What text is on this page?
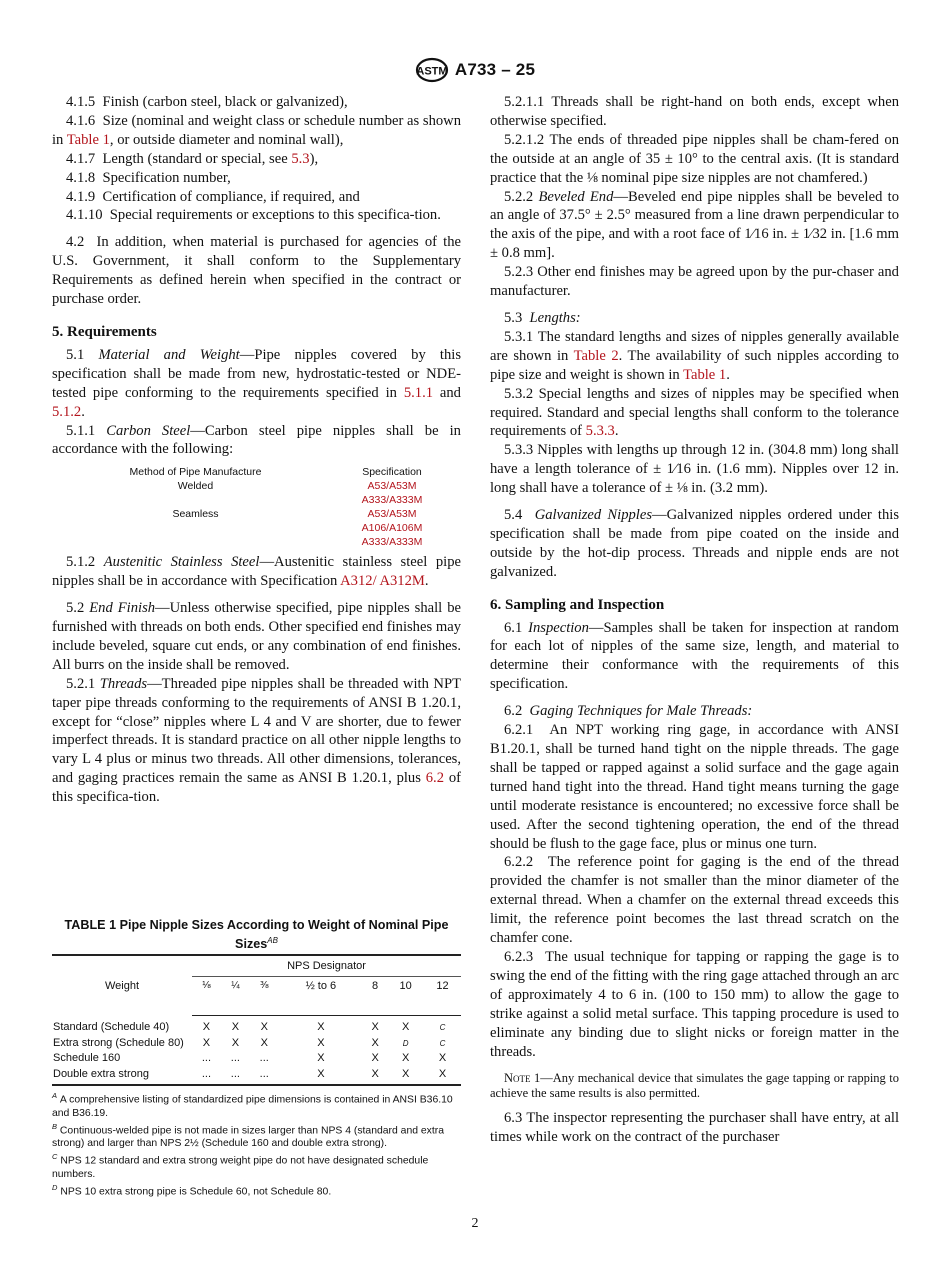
ASTM A733 – 25

4.1.5 Finish (carbon steel, black or galvanized),

4.1.6 Size (nominal and weight class or schedule number as shown in Table 1, or outside diameter and nominal wall),

4.1.7 Length (standard or special, see 5.3),

4.1.8 Specification number,

4.1.9 Certification of compliance, if required, and

4.1.10 Special requirements or exceptions to this specifica-tion.

4.2 In addition, when material is purchased for agencies of the U.S. Government, it shall conform to the Supplementary Requirements as defined herein when specified in the contract or purchase order.

5. Requirements

5.1 Material and Weight—Pipe nipples covered by this specification shall be made from new, hydrostatic-tested or NDE-tested pipe conforming to the requirements specified in 5.1.1 and 5.1.2.

5.1.1 Carbon Steel—Carbon steel pipe nipples shall be in accordance with the following:

Method of Pipe Manufacture	Specification
Welded	A53/A53M
A333/A333M
Seamless	A53/A53M
A106/A106M
A333/A333M

5.1.2 Austenitic Stainless Steel—Austenitic stainless steel pipe nipples shall be in accordance with Specification A312/ A312M.

5.2 End Finish—Unless otherwise specified, pipe nipples shall be furnished with threads on both ends. Other specified end finishes may include beveled, square cut ends, or any combination of end finishes. All burrs on the inside shall be removed.

5.2.1 Threads—Threaded pipe nipples shall be threaded with NPT taper pipe threads conforming to the requirements of ANSI B 1.20.1, except for “close” nipples where L 4 and V are shorter, due to fewer imperfect threads. It is standard practice on all other nipple lengths to vary L 4 plus or minus two threads. All other dimensions, tolerances, and gaging practices remain the same as ANSI B 1.20.1, plus 6.2 of this specifica-tion.

TABLE 1 Pipe Nipple Sizes According to Weight of Nominal Pipe Sizes$^{AB}$
Weight	NPS Designator						
	⅛	¼	⅜	½ to 6	8	10	12
Standard (Schedule 40)	X	X	X	X	X	X	C
Extra strong (Schedule 80)	X	X	X	X	X	D	C
Schedule 160	...	...	...	X	X	X	X
Double extra strong	...	...	...	X	X	X	X
$^A$ A comprehensive listing of standardized pipe dimensions is contained in ANSI B36.10 and B36.19.
$^B$ Continuous-welded pipe is not made in sizes larger than NPS 4 (standard and extra strong) and larger than NPS 2½ (Schedule 160 and double extra strong).
$^C$ NPS 12 standard and extra strong weight pipe do not have designated schedule numbers.
$^D$ NPS 10 extra strong pipe is Schedule 60, not Schedule 80.

5.2.1.1 Threads shall be right-hand on both ends, except when otherwise specified.

5.2.1.2 The ends of threaded pipe nipples shall be cham-fered on the outside at an angle of 35 ± 10° to the central axis. (It is standard practice that the ⅛ nominal pipe size nipples are not chamfered.)

5.2.2 Beveled End—Beveled end pipe nipples shall be beveled to an angle of 37.5° ± 2.5° measured from a line drawn perpendicular to the axis of the pipe, and with a root face of 1⁄16 in. ± 1⁄32 in. [1.6 mm ± 0.8 mm].

5.2.3 Other end finishes may be agreed upon by the pur-chaser and manufacturer.

5.3 Lengths:

5.3.1 The standard lengths and sizes of nipples generally available are shown in Table 2. The availability of such nipples according to pipe size and weight is shown in Table 1.

5.3.2 Special lengths and sizes of nipples may be specified when required. Standard and special lengths shall conform to the tolerance requirements of 5.3.3.

5.3.3 Nipples with lengths up through 12 in. (304.8 mm) long shall have a length tolerance of ± 1⁄16 in. (1.6 mm). Nipples over 12 in. long shall have a tolerance of ± ⅛ in. (3.2 mm).

5.4 Galvanized Nipples—Galvanized nipples ordered under this specification shall be made from pipe coated on the inside and outside by the hot-dip process. Threads and nipple ends are not galvanized.

6. Sampling and Inspection

6.1 Inspection—Samples shall be taken for inspection at random for each lot of nipples of the same size, length, and material to determine their conformance with the requirements of this specification.

6.2 Gaging Techniques for Male Threads:

6.2.1 An NPT working ring gage, in accordance with ANSI B1.20.1, shall be turned hand tight on the nipple threads. The gage shall be tapped or rapped against a solid surface and the gage again turned hand tight into the thread. Hand tight means turning the gage until moderate resistance is encountered; no excessive force shall be used. After the second tightening operation, the end of the thread should be flush to the gage face, plus or minus one turn.

6.2.2 The reference point for gaging is the end of the thread provided the chamfer is not smaller than the minor diameter of the external thread. When a chamfer on the external thread exceeds this limit, the reference point becomes the last thread scratch on the chamfer cone.

6.2.3 The usual technique for tapping or rapping the gage is to swing the end of the fitting with the ring gage attached through an arc of approximately 4 to 6 in. (100 to 150 mm) to allow the gage to strike against a solid metal surface. This tapping procedure is used to eliminate any binding due to slight nicks or foreign matter in the threads.

Note 1—Any mechanical device that simulates the gage tapping or rapping to achieve the same results is also permitted.

6.3 The inspector representing the purchaser shall have entry, at all times while work on the contract of the purchaser

2
